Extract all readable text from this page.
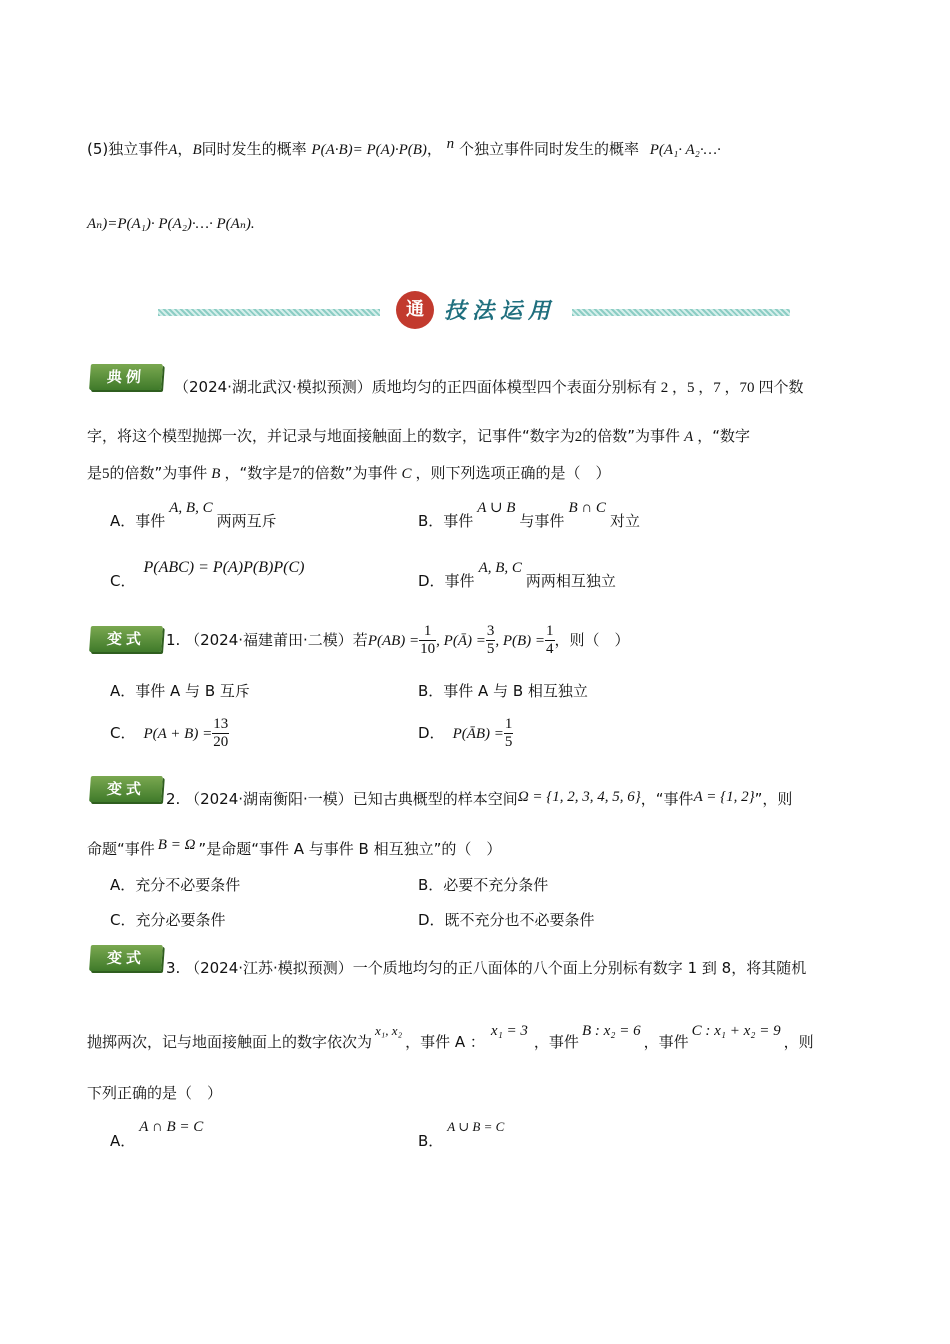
(5)独立事件A，B同时发生的概率 P(A·B)= P(A)·P(B)， n 个独立事件同时发生的概率 P(A₁· A₂·…·
Aₙ)=P(A₁)· P(A₂)·…· P(Aₙ).
通 技法运用
典例
（2024·湖北武汉·模拟预测）质地均匀的正四面体模型四个表面分别标有 2 ，5 ，7 ，70 四个数
字，将这个模型抛掷一次，并记录与地面接触面上的数字，记事件“数字为2的倍数”为事件 A ，“数字
是5的倍数”为事件 B ，“数字是7的倍数”为事件 C ，则下列选项正确的是（　）
A．事件A, B, C两两互斥	B．事件A ∪ B与事件B ∩ C对立
C．P(ABC) = P(A)P(B)P(C)
D．事件A, B, C两两相互独立
变式	1. （2024·福建莆田·二模）若$P(AB) = \frac{1}{10}$ , P(Ā) = $\frac{3}{5}$ , $P(B) = \frac{1}{4}$ ，则（　）
A．事件 A 与 B 互斥	B．事件 A 与 B 相互独立
C． $P(A + B) = \frac{13}{20}$	D． P(ĀB) = $\frac{1}{5}$
变式
2. （2024·湖南衡阳·一模）已知古典概型的样本空间Ω = {1, 2, 3, 4, 5, 6}，“事件A = {1, 2}”，则
命题“事件 B = Ω ”是命题“事件 A 与事件 B 相互独立”的（　）
A．充分不必要条件	B．必要不充分条件
C．充分必要条件	D．既不充分也不必要条件
变式
3. （2024·江苏·模拟预测）一个质地均匀的正八面体的八个面上分别标有数字 1 到 8，将其随机
抛掷两次，记与地面接触面上的数字依次为x₁, x₂，事件 A ：x₁ = 3，事件B : x₂ = 6，事件C : x₁ + x₂ = 9，则
下列正确的是（　）
A．A ∩ B = C
B．A ∪ B = C
